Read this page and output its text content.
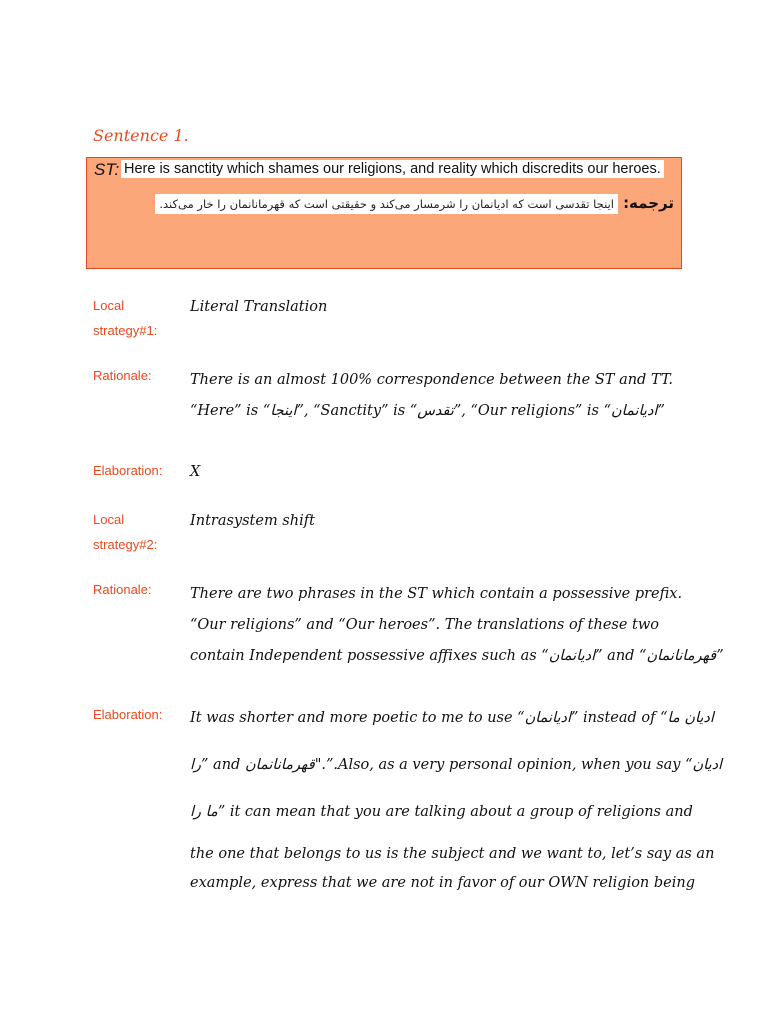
Sentence 1.
ST: Here is sanctity which shames our religions, and reality which discredits our heroes.
ترجمه: اینجا تقدسی است که ادیانمان را شرمسار می‌کند و حقیقتی است که قهرمانانمان را خار می‌کند.
Local
strategy#1:
Literal Translation
Rationale:	There is an almost 100% correspondence between the ST and TT.
“Here” is “اینجا”, “Sanctity” is “تقدس”, “Our religions” is “ادیانمان”
Elaboration:	X
Local
strategy#2:
Intrasystem shift
Rationale:	There are two phrases in the ST which contain a possessive prefix.
“Our religions” and “Our heroes”. The translations of these two
contain Independent possessive affixes such as “ادیانمان” and “قهرمانانمان”
Elaboration:	It was shorter and more poetic to me to use “ادیانمان” instead of “ادیان ما
را” and قهرمانانمان".”.Also, as a very personal opinion, when you say “ادیان
ما را” it can mean that you are talking about a group of religions and
the one that belongs to us is the subject and we want to, let’s say as an
example, express that we are not in favor of our OWN religion being
